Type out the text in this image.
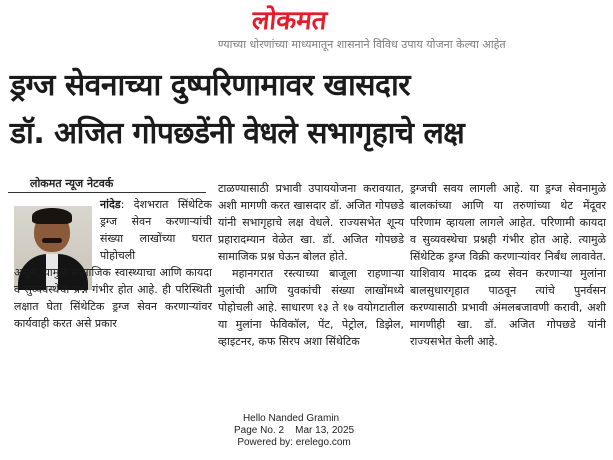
लोकमत
ण्याच्या धोरणांच्या माध्यमातून शासनाने विविध उपाय योजना केल्या आहेत
ड्रग्ज सेवनाच्या दुष्परिणामावर खासदार
डॉ. अजित गोपछडेंनी वेधले सभागृहाचे लक्ष
लोकमत न्यूज नेटवर्क

नांदेड: देशभरात सिंथेटिक ड्रग्ज सेवन करणाऱ्यांची संख्या लाखोंच्या घरात पोहोचली

असून, यामुळे सामाजिक स्वास्थ्याचा आणि कायदा व सुव्यवस्थेचा प्रश्न गंभीर होत आहे. ही परिस्थिती लक्षात घेता सिंथेटिक ड्रग्ज सेवन करणाऱ्यांवर कार्यवाही करत असे प्रकार

टाळण्यासाठी प्रभावी उपाययोजना करावयात, अशी मागणी करत खासदार डॉ. अजित गोपछडे यांनी सभागृहाचे लक्ष वेधले. राज्यसभेत शून्य प्रहारादम्यान वेळेत खा. डॉ. अजित गोपछडे सामाजिक प्रश्न घेऊन बोलत होते.

महानगरात रस्त्याच्या बाजूला राहणाऱ्या मुलांची आणि युवकांची संख्या लाखोंमध्ये पोहोचली आहे. साधारण १३ ते १७ वयोगटातील या मुलांना फेविकॉल, पेंट, पेट्रोल, डिझेल, व्हाइटनर, कफ सिरप अशा सिंथेटिक

ड्रग्जची सवय लागली आहे. या ड्रग्ज सेवनामुळे बालकांच्या आणि या तरुणांच्या थेट मेंदूवर परिणाम व्हायला लागले आहेत. परिणामी कायदा व सुव्यवस्थेचा प्रश्नही गंभीर होत आहे. त्यामुळे सिंथेटिक ड्रग्ज विक्री करणाऱ्यांवर निर्बंध लावावेत. याशिवाय मादक द्रव्य सेवन करणाऱ्या मुलांना बालसुधारगृहात पाठवून त्यांचे पुनर्वसन करण्यासाठी प्रभावी अंमलबजावणी करावी, अशी मागणीही खा. डॉ. अजित गोपछडे यांनी राज्यसभेत केली आहे.

Hello Nanded Gramin
Page No. 2    Mar 13, 2025
Powered by: erelego.com
